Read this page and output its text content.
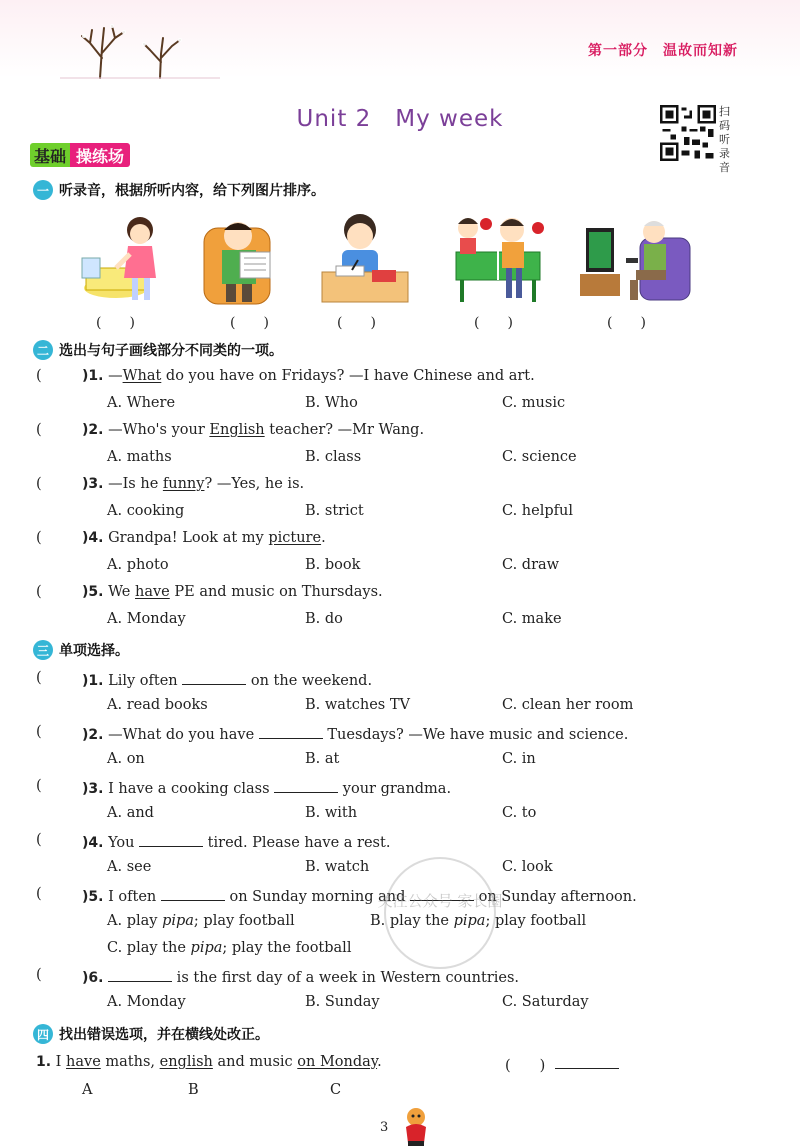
第一部分　温故而知新
Unit 2　My week	扫
码
听
录
音
基础 操练场
一 听录音，根据所听内容，给下列图片排序。
(　　)	(　　)	(　　)	(　　)	(　　)
二 选出与句子画线部分不同类的一项。
(	)1. —What do you have on Fridays? —I have Chinese and art.
A. Where	B. Who	C. music
(	)2. —Who's your English teacher? —Mr Wang.
A. maths	B. class	C. science
(	)3. —Is he funny? —Yes, he is.
A. cooking	B. strict	C. helpful
(	)4. Grandpa! Look at my picture.
A. photo	B. book	C. draw
(	)5. We have PE and music on Thursdays.
A. Monday	B. do	C. make
三 单项选择。
(	)1. Lily often	on the weekend.
A. read books	B. watches TV	C. clean her room
(	)2. —What do you have	Tuesdays? —We have music and science.
A. on	B. at	C. in
(	)3. I have a cooking class	your grandma.
A. and	B. with	C. to
(	)4. You	tired. Please have a rest.
A. see	B. watch	C. look
(	)5. I often	on Sunday morning and	on Sunday afternoon.
A. play pipa; play football	B. play the pipa; play football
C. play the pipa; play the football
(	)6.	is the first day of a week in Western countries.
A. Monday	B. Sunday	C. Saturday
关注公众号 家长圈
四 找出错误选项，并在横线处改正。
1. I have maths, english and music on Monday.	(　　)
A	B	C
3
